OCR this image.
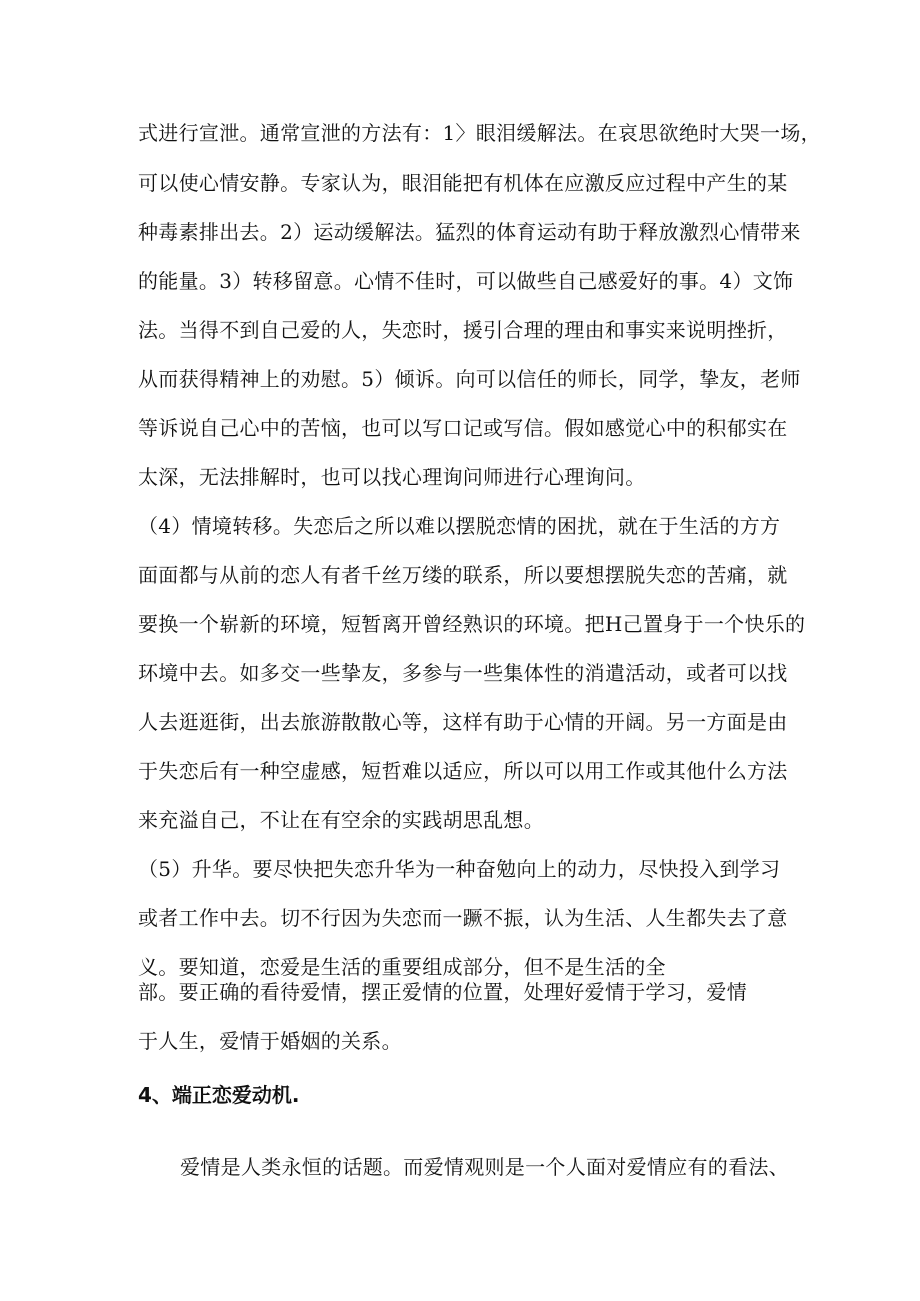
式进行宣泄。通常宣泄的方法有：1〉眼泪缓解法。在哀思欲绝时大哭一场，
可以使心情安静。专家认为，眼泪能把有机体在应激反应过程中产生的某
种毒素排出去。2）运动缓解法。猛烈的体育运动有助于释放激烈心情带来
的能量。3）转移留意。心情不佳时，可以做些自己感爱好的事。4）文饰
法。当得不到自己爱的人，失恋时，援引合理的理由和事实来说明挫折，
从而获得精神上的劝慰。5）倾诉。向可以信任的师长，同学，挚友，老师
等诉说自己心中的苦恼，也可以写口记或写信。假如感觉心中的积郁实在
太深，无法排解时，也可以找心理询问师进行心理询问。
（4）情境转移。失恋后之所以难以摆脱恋情的困扰，就在于生活的方方
面面都与从前的恋人有者千丝万缕的联系，所以要想摆脱失恋的苦痛，就
要换一个崭新的环境，短暂离开曾经熟识的环境。把H己置身于一个快乐的
环境中去。如多交一些挚友，多参与一些集体性的消遣活动，或者可以找
人去逛逛街，出去旅游散散心等，这样有助于心情的开阔。另一方面是由
于失恋后有一种空虚感，短哲难以适应，所以可以用工作或其他什么方法
来充溢自己，不让在有空余的实践胡思乱想。
（5）升华。要尽快把失恋升华为一种奋勉向上的动力，尽快投入到学习
或者工作中去。切不行因为失恋而一蹶不振，认为生活、人生都失去了意
义。要知道，恋爱是生活的重要组成部分，但不是生活的全
部。要正确的看待爱情，摆正爱情的位置，处理好爱情于学习，爱情
于人生，爱情于婚姻的关系。
4、端正恋爱动机.
爱情是人类永恒的话题。而爱情观则是一个人面对爱情应有的看法、
